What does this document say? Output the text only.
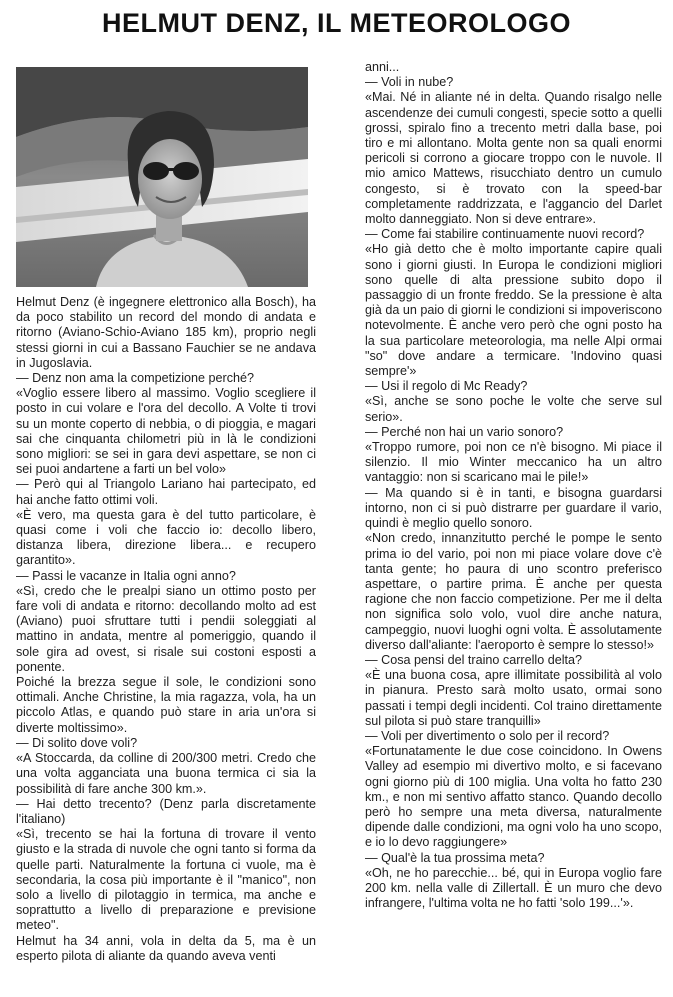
HELMUT DENZ, IL METEOROLOGO

Helmut Denz (è ingegnere elettronico alla Bosch), ha da poco stabilito un record del mondo di andata e ritorno (Aviano-Schio-Aviano 185 km), proprio negli stessi giorni in cui a Bassano Fauchier se ne andava in Jugoslavia.

— Denz non ama la competizione perché?

«Voglio essere libero al massimo. Voglio scegliere il posto in cui volare e l'ora del decollo. A Volte ti trovi su un monte coperto di nebbia, o di pioggia, e magari sai che cinquanta chilometri più in là le condizioni sono migliori: se sei in gara devi aspettare, se non ci sei puoi andartene a farti un bel volo»

— Però qui al Triangolo Lariano hai partecipato, ed hai anche fatto ottimi voli.

«È vero, ma questa gara è del tutto particolare, è quasi come i voli che faccio io: decollo libero, distanza libera, direzione libera... e recupero garantito».

— Passi le vacanze in Italia ogni anno?

«Sì, credo che le prealpi siano un ottimo posto per fare voli di andata e ritorno: decollando molto ad est (Aviano) puoi sfruttare tutti i pendii soleggiati al mattino in andata, mentre al pomeriggio, quando il sole gira ad ovest, si risale sui costoni esposti a ponente.

Poiché la brezza segue il sole, le condizioni sono ottimali. Anche Christine, la mia ragazza, vola, ha un piccolo Atlas, e quando può stare in aria un'ora si diverte moltissimo».

— Di solito dove voli?

«A Stoccarda, da colline di 200/300 metri. Credo che una volta agganciata una buona termica ci sia la possibilità di fare anche 300 km.».

— Hai detto trecento? (Denz parla discretamente l'italiano)

«Sì, trecento se hai la fortuna di trovare il vento giusto e la strada di nuvole che ogni tanto si forma da quelle parti. Naturalmente la fortuna ci vuole, ma è secondaria, la cosa più importante è il "manico", non solo a livello di pilotaggio in termica, ma anche e soprattutto a livello di preparazione e previsione meteo".

Helmut ha 34 anni, vola in delta da 5, ma è un esperto pilota di aliante da quando aveva venti

anni...

— Voli in nube?

«Mai. Né in aliante né in delta. Quando risalgo nelle ascendenze dei cumuli congesti, specie sotto a quelli grossi, spiralo fino a trecento metri dalla base, poi tiro e mi allontano. Molta gente non sa quali enormi pericoli si corrono a giocare troppo con le nuvole. Il mio amico Mattews, risucchiato dentro un cumulo congesto, si è trovato con la speed-bar completamente raddrizzata, e l'aggancio del Darlet molto danneggiato. Non si deve entrare».

— Come fai stabilire continuamente nuovi record?

«Ho già detto che è molto importante capire quali sono i giorni giusti. In Europa le condizioni migliori sono quelle di alta pressione subito dopo il passaggio di un fronte freddo. Se la pressione è alta già da un paio di giorni le condizioni si impoveriscono notevolmente. È anche vero però che ogni posto ha la sua particolare meteorologia, ma nelle Alpi ormai "so" dove andare a termicare. 'Indovino quasi sempre'»

— Usi il regolo di Mc Ready?

«Sì, anche se sono poche le volte che serve sul serio».

— Perché non hai un vario sonoro?

«Troppo rumore, poi non ce n'è bisogno. Mi piace il silenzio. Il mio Winter meccanico ha un altro vantaggio: non si scaricano mai le pile!»

— Ma quando si è in tanti, e bisogna guardarsi intorno, non ci si può distrarre per guardare il vario, quindi è meglio quello sonoro.

«Non credo, innanzitutto perché le pompe le sento prima io del vario, poi non mi piace volare dove c'è tanta gente; ho paura di uno scontro preferisco aspettare, o partire prima. È anche per questa ragione che non faccio competizione. Per me il delta non significa solo volo, vuol dire anche natura, campeggio, nuovi luoghi ogni volta. È assolutamente diverso dall'aliante: l'aeroporto è sempre lo stesso!»

— Cosa pensi del traino carrello delta?

«È una buona cosa, apre illimitate possibilità al volo in pianura. Presto sarà molto usato, ormai sono passati i tempi degli incidenti. Col traino direttamente sul pilota si può stare tranquilli»

— Voli per divertimento o solo per il record?

«Fortunatamente le due cose coincidono. In Owens Valley ad esempio mi divertivo molto, e si facevano ogni giorno più di 100 miglia. Una volta ho fatto 230 km., e non mi sentivo affatto stanco. Quando decollo però ho sempre una meta diversa, naturalmente dipende dalle condizioni, ma ogni volo ha uno scopo, e io lo devo raggiungere»

— Qual'è la tua prossima meta?

«Oh, ne ho parecchie... bé, qui in Europa voglio fare 200 km. nella valle di Zillertall. È un muro che devo infrangere, l'ultima volta ne ho fatti 'solo 199...'».
